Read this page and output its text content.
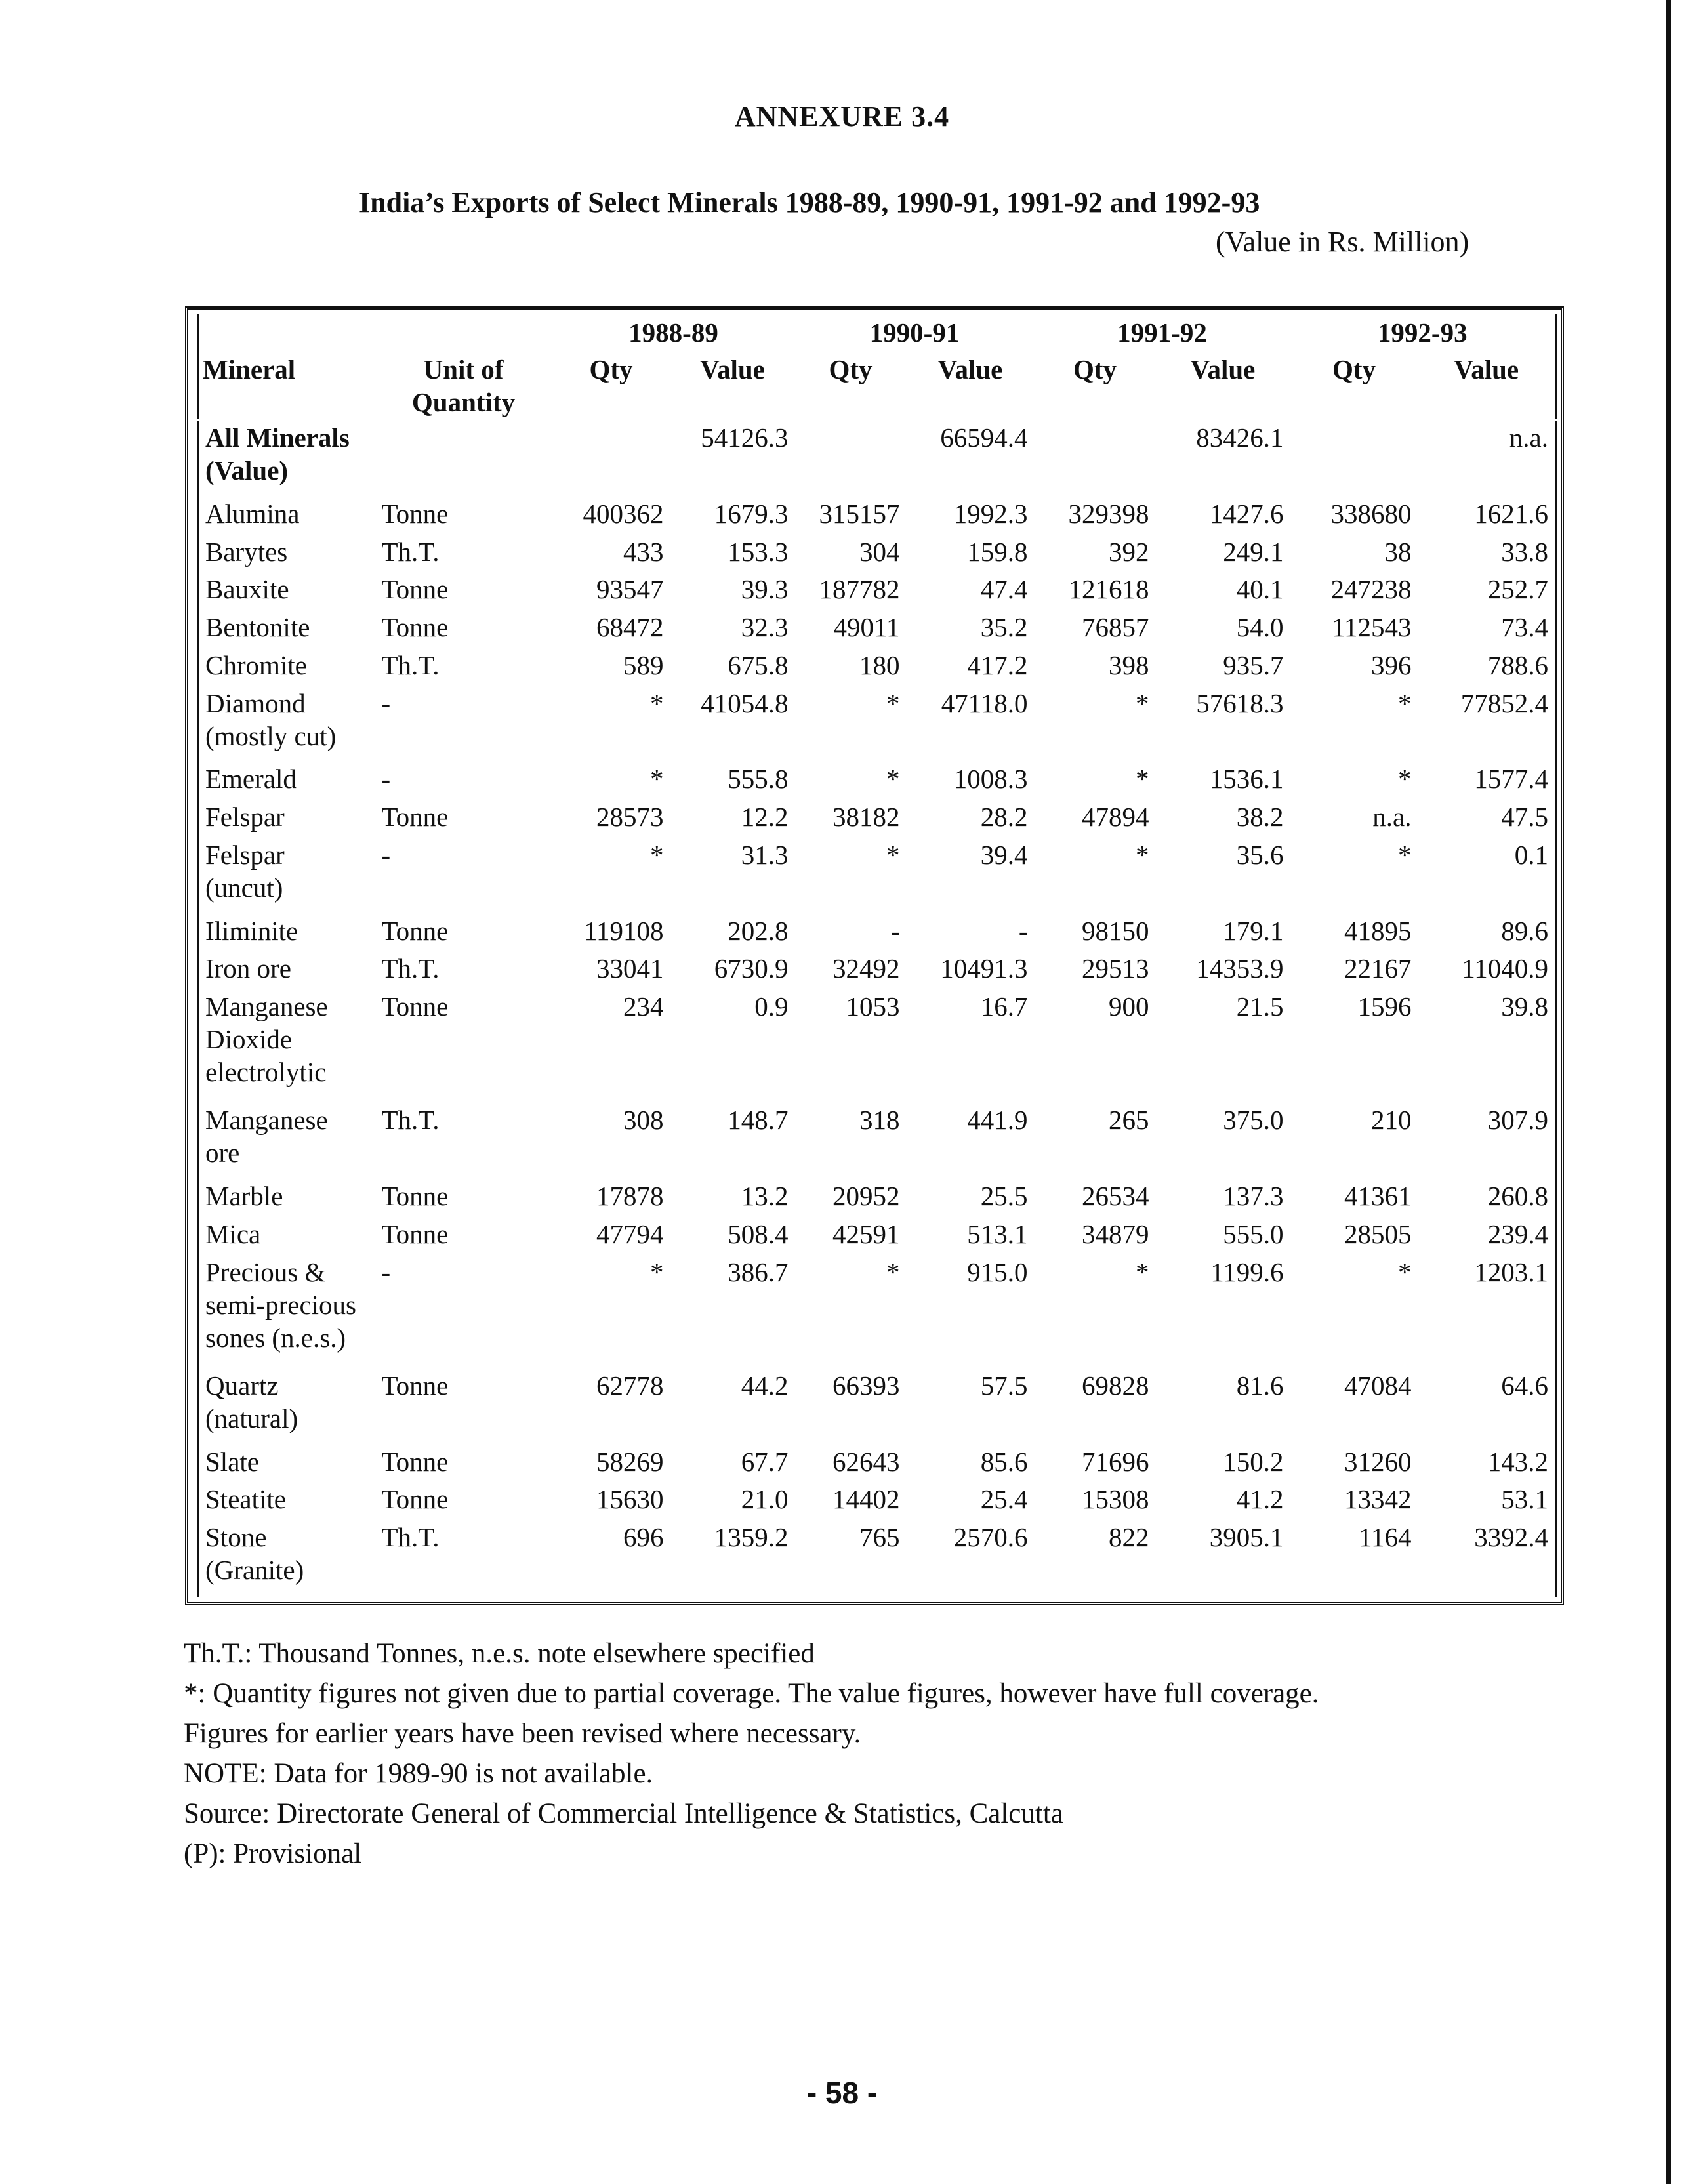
ANNEXURE 3.4
India’s Exports of Select Minerals 1988-89, 1990-91, 1991-92 and 1992-93
(Value in Rs. Million)
		1988-89		1990-91		1991-92		1992-93	
Mineral	Unit of Quantity	Qty	Value	Qty	Value	Qty	Value	Qty	Value
All Minerals (Value)			54126.3		66594.4		83426.1		n.a.
Alumina	Tonne	400362	1679.3	315157	1992.3	329398	1427.6	338680	1621.6
Barytes	Th.T.	433	153.3	304	159.8	392	249.1	38	33.8
Bauxite	Tonne	93547	39.3	187782	47.4	121618	40.1	247238	252.7
Bentonite	Tonne	68472	32.3	49011	35.2	76857	54.0	112543	73.4
Chromite	Th.T.	589	675.8	180	417.2	398	935.7	396	788.6
Diamond (mostly cut)	-	*	41054.8	*	47118.0	*	57618.3	*	77852.4
Emerald	-	*	555.8	*	1008.3	*	1536.1	*	1577.4
Felspar	Tonne	28573	12.2	38182	28.2	47894	38.2	n.a.	47.5
Felspar (uncut)	-	*	31.3	*	39.4	*	35.6	*	0.1
Iliminite	Tonne	119108	202.8	-	-	98150	179.1	41895	89.6
Iron ore	Th.T.	33041	6730.9	32492	10491.3	29513	14353.9	22167	11040.9
Manganese Dioxide electrolytic	Tonne	234	0.9	1053	16.7	900	21.5	1596	39.8
Manganese ore	Th.T.	308	148.7	318	441.9	265	375.0	210	307.9
Marble	Tonne	17878	13.2	20952	25.5	26534	137.3	41361	260.8
Mica	Tonne	47794	508.4	42591	513.1	34879	555.0	28505	239.4
Precious & semi-precious sones (n.e.s.)	-	*	386.7	*	915.0	*	1199.6	*	1203.1
Quartz (natural)	Tonne	62778	44.2	66393	57.5	69828	81.6	47084	64.6
Slate	Tonne	58269	67.7	62643	85.6	71696	150.2	31260	143.2
Steatite	Tonne	15630	21.0	14402	25.4	15308	41.2	13342	53.1
Stone (Granite)	Th.T.	696	1359.2	765	2570.6	822	3905.1	1164	3392.4
Th.T.: Thousand Tonnes, n.e.s. note elsewhere specified
*: Quantity figures not given due to partial coverage. The value figures, however have full coverage.
Figures for earlier years have been revised where necessary.
NOTE: Data for 1989-90 is not available.
Source: Directorate General of Commercial Intelligence & Statistics, Calcutta
(P): Provisional
- 58 -
